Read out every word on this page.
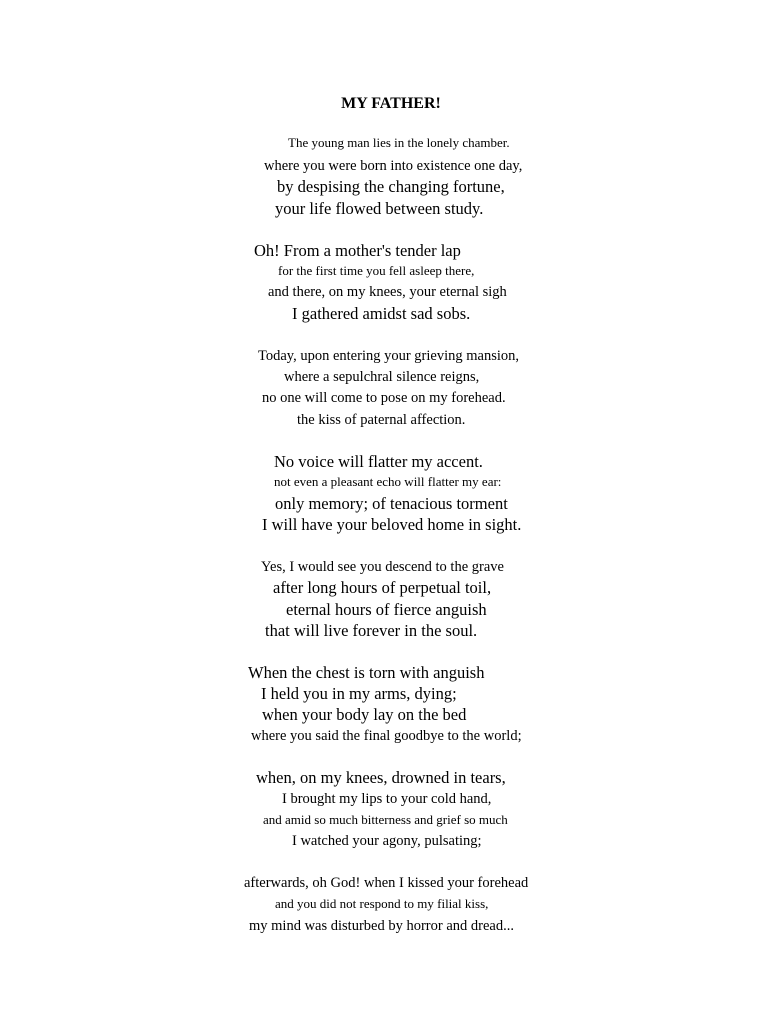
MY FATHER!
The young man lies in the lonely chamber.
where you were born into existence one day,
by despising the changing fortune,
your life flowed between study.
Oh! From a mother's tender lap
for the first time you fell asleep there,
and there, on my knees, your eternal sigh
I gathered amidst sad sobs.
Today, upon entering your grieving mansion,
where a sepulchral silence reigns,
no one will come to pose on my forehead.
the kiss of paternal affection.
No voice will flatter my accent.
not even a pleasant echo will flatter my ear:
only memory; of tenacious torment
I will have your beloved home in sight.
Yes, I would see you descend to the grave
after long hours of perpetual toil,
eternal hours of fierce anguish
that will live forever in the soul.
When the chest is torn with anguish
I held you in my arms, dying;
when your body lay on the bed
where you said the final goodbye to the world;
when, on my knees, drowned in tears,
I brought my lips to your cold hand,
and amid so much bitterness and grief so much
I watched your agony, pulsating;
afterwards, oh God! when I kissed your forehead
and you did not respond to my filial kiss,
my mind was disturbed by horror and dread...
